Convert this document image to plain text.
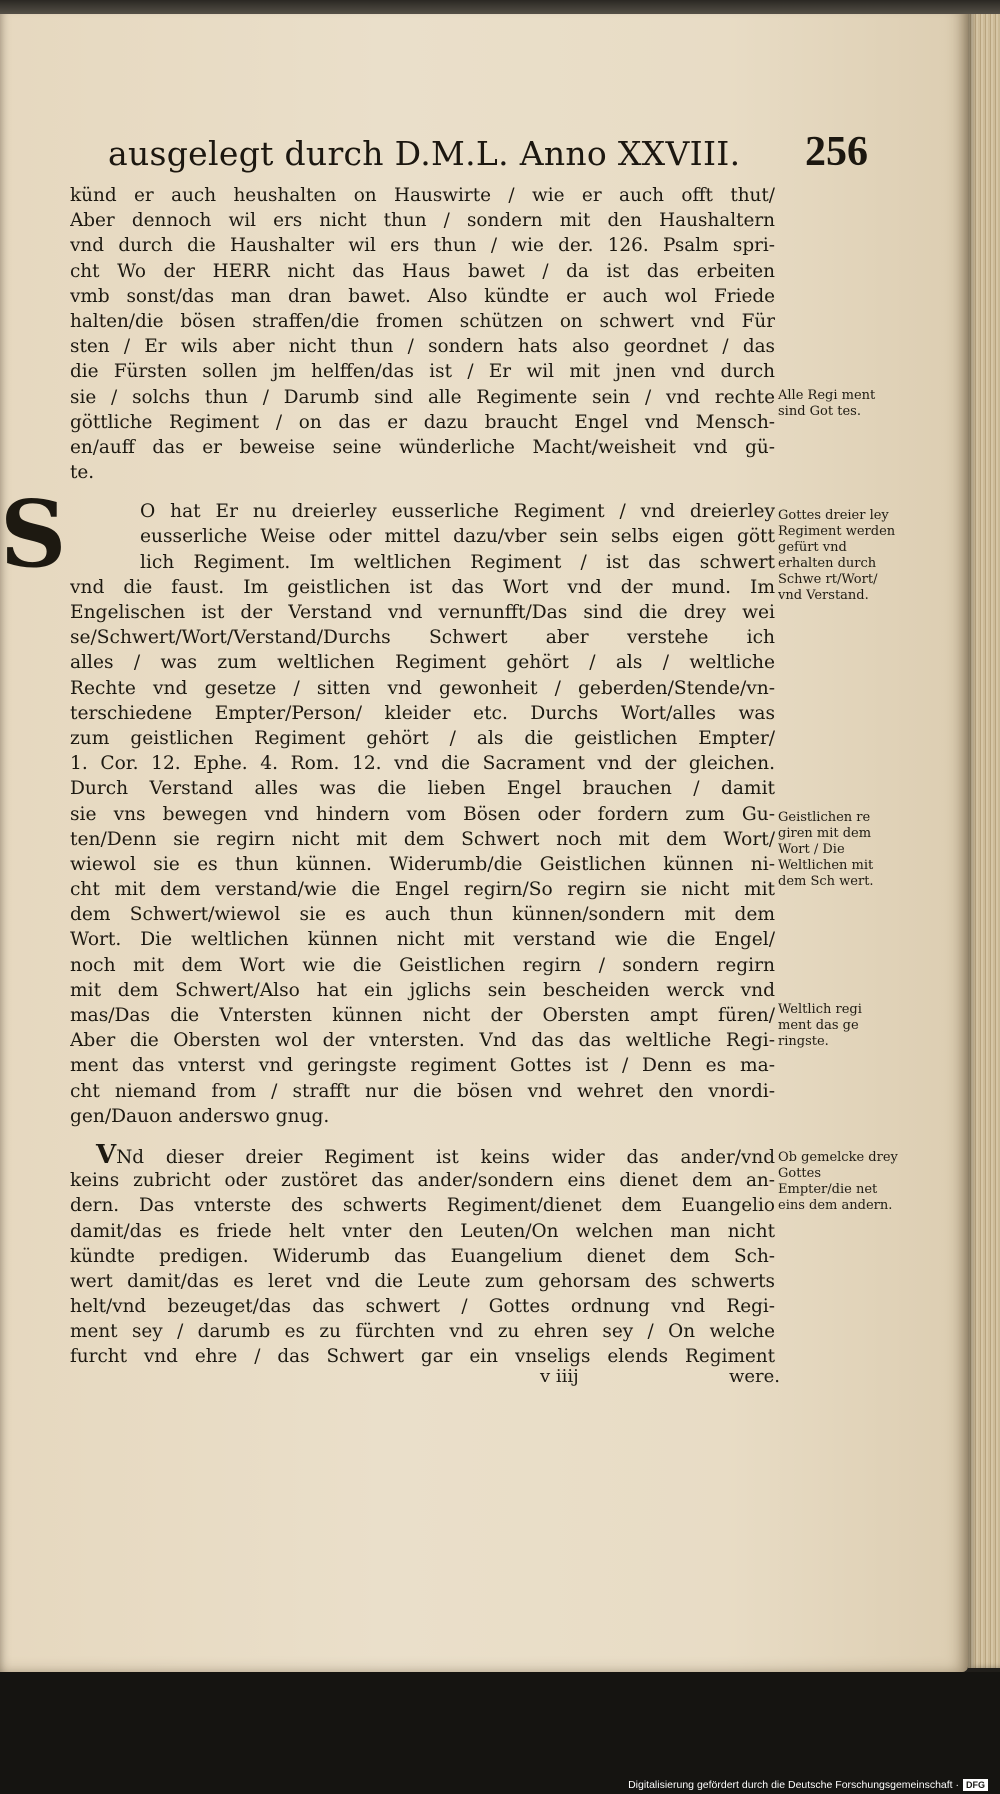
ausgelegt durch D.M.L. Anno XXVIII. 256
künd er auch heushalten on Hauswirte / wie er auch offt thut/
Aber dennoch wil ers nicht thun / sondern mit den Haushaltern
vnd durch die Haushalter wil ers thun / wie der. 126. Psalm spri-
cht Wo der HERR nicht das Haus bawet / da ist das erbeiten
vmb sonst/das man dran bawet. Also kündte er auch wol Friede
halten/die bösen straffen/die fromen schützen on schwert vnd Für
sten / Er wils aber nicht thun / sondern hats also geordnet / das
die Fürsten sollen jm helffen/das ist / Er wil mit jnen vnd durch
sie / solchs thun / Darumb sind alle Regimente sein / vnd rechte
göttliche Regiment / on das er dazu braucht Engel vnd Mensch-
en/auff das er beweise seine wünderliche Macht/weisheit vnd gü-
te.
O hat Er nu dreierley eusserliche Regiment / vnd dreierley
eusserliche Weise oder mittel dazu/vber sein selbs eigen gött
lich Regiment. Im weltlichen Regiment / ist das schwert
vnd die faust. Im geistlichen ist das Wort vnd der mund. Im
Engelischen ist der Verstand vnd vernunfft/Das sind die drey wei
se/Schwert/Wort/Verstand/Durchs Schwert aber verstehe ich
alles / was zum weltlichen Regiment gehört / als / weltliche
Rechte vnd gesetze / sitten vnd gewonheit / geberden/Stende/vn-
terschiedene Empter/Person/ kleider etc. Durchs Wort/alles was
zum geistlichen Regiment gehört / als die geistlichen Empter/
1. Cor. 12. Ephe. 4. Rom. 12. vnd die Sacrament vnd der gleichen.
Durch Verstand alles was die lieben Engel brauchen / damit
sie vns bewegen vnd hindern vom Bösen oder fordern zum Gu-
ten/Denn sie regirn nicht mit dem Schwert noch mit dem Wort/
wiewol sie es thun künnen. Widerumb/die Geistlichen künnen ni-
cht mit dem verstand/wie die Engel regirn/So regirn sie nicht mit
dem Schwert/wiewol sie es auch thun künnen/sondern mit dem
Wort. Die weltlichen künnen nicht mit verstand wie die Engel/
noch mit dem Wort wie die Geistlichen regirn / sondern regirn
mit dem Schwert/Also hat ein jglichs sein bescheiden werck vnd
mas/Das die Vntersten künnen nicht der Obersten ampt füren/
Aber die Obersten wol der vntersten. Vnd das das weltliche Regi-
ment das vnterst vnd geringste regiment Gottes ist / Denn es ma-
cht niemand from / strafft nur die bösen vnd wehret den vnordi-
gen/Dauon anderswo gnug.
VNd dieser dreier Regiment ist keins wider das ander/vnd
keins zubricht oder zustöret das ander/sondern eins dienet dem an-
dern. Das vnterste des schwerts Regiment/dienet dem Euangelio
damit/das es friede helt vnter den Leuten/On welchen man nicht
kündte predigen. Widerumb das Euangelium dienet dem Sch-
wert damit/das es leret vnd die Leute zum gehorsam des schwerts
helt/vnd bezeuget/das das schwert / Gottes ordnung vnd Regi-
ment sey / darumb es zu fürchten vnd zu ehren sey / On welche
furcht vnd ehre / das Schwert gar ein vnseligs elends Regiment
S
Alle Regi ment sind Got tes.
Gottes dreier ley Regiment werden gefürt vnd erhalten durch Schwe rt/Wort/ vnd Verstand.
Geistlichen re giren mit dem Wort / Die Weltlichen mit dem Sch wert.
Weltlich regi ment das ge ringste.
Ob gemelcke drey Gottes Empter/die net eins dem andern.
v iiij	were.
Digitalisierung gefördert durch die Deutsche Forschungsgemeinschaft · DFG
